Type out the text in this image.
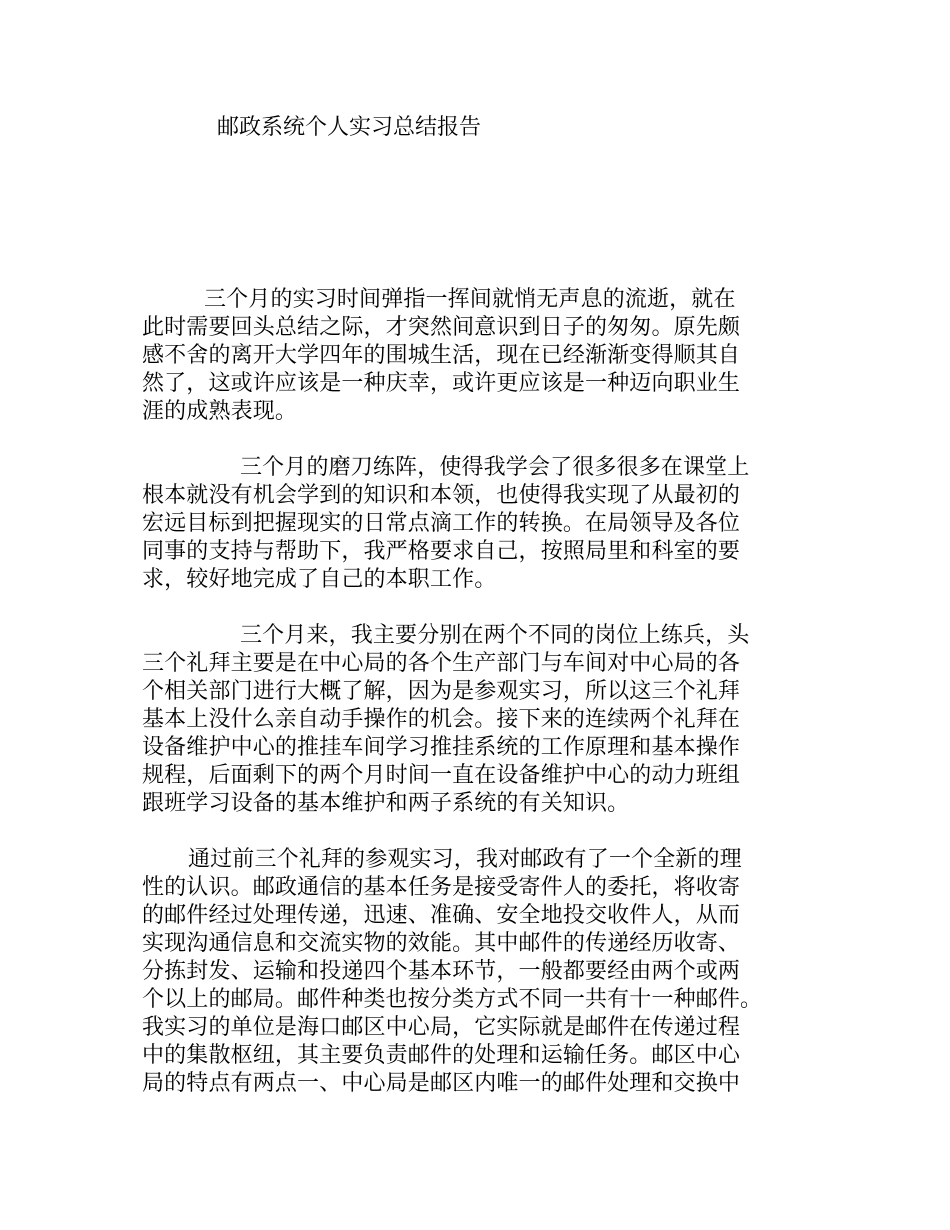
邮政系统个人实习总结报告
三个月的实习时间弹指一挥间就悄无声息的流逝，就在
此时需要回头总结之际，才突然间意识到日子的匆匆。原先颇
感不舍的离开大学四年的围城生活，现在已经渐渐变得顺其自
然了，这或许应该是一种庆幸，或许更应该是一种迈向职业生
涯的成熟表现。
三个月的磨刀练阵，使得我学会了很多很多在课堂上
根本就没有机会学到的知识和本领，也使得我实现了从最初的
宏远目标到把握现实的日常点滴工作的转换。在局领导及各位
同事的支持与帮助下，我严格要求自己，按照局里和科室的要
求，较好地完成了自己的本职工作。
三个月来，我主要分别在两个不同的岗位上练兵，头
三个礼拜主要是在中心局的各个生产部门与车间对中心局的各
个相关部门进行大概了解，因为是参观实习，所以这三个礼拜
基本上没什么亲自动手操作的机会。接下来的连续两个礼拜在
设备维护中心的推挂车间学习推挂系统的工作原理和基本操作
规程，后面剩下的两个月时间一直在设备维护中心的动力班组
跟班学习设备的基本维护和两子系统的有关知识。
通过前三个礼拜的参观实习，我对邮政有了一个全新的理
性的认识。邮政通信的基本任务是接受寄件人的委托，将收寄
的邮件经过处理传递，迅速、准确、安全地投交收件人，从而
实现沟通信息和交流实物的效能。其中邮件的传递经历收寄、
分拣封发、运输和投递四个基本环节，一般都要经由两个或两
个以上的邮局。邮件种类也按分类方式不同一共有十一种邮件。
我实习的单位是海口邮区中心局，它实际就是邮件在传递过程
中的集散枢纽，其主要负责邮件的处理和运输任务。邮区中心
局的特点有两点一、中心局是邮区内唯一的邮件处理和交换中
